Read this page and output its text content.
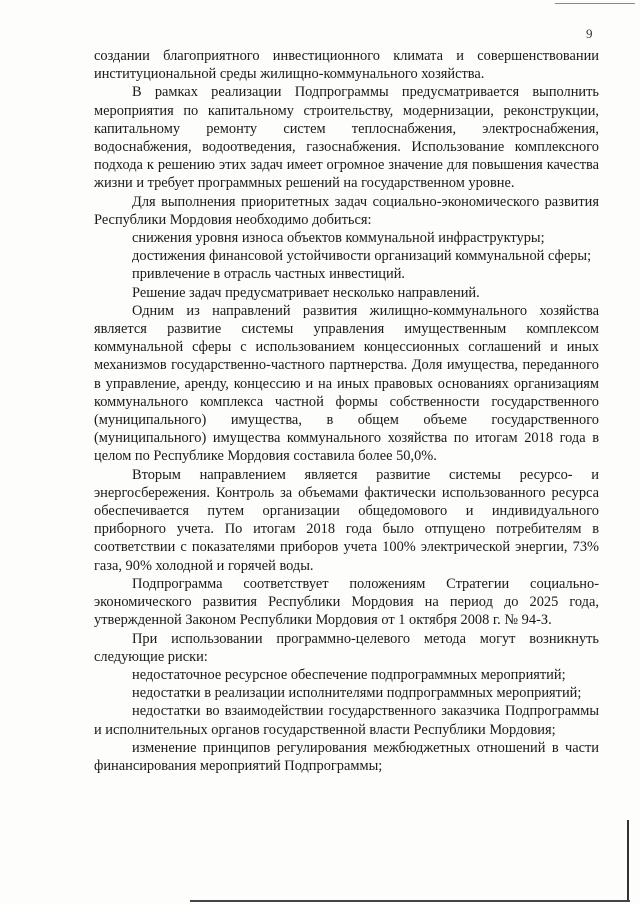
9

создании благоприятного инвестиционного климата и совершенствовании институциональной среды жилищно-коммунального хозяйства.

В рамках реализации Подпрограммы предусматривается выполнить мероприятия по капитальному строительству, модернизации, реконструкции, капитальному ремонту систем теплоснабжения, электроснабжения, водоснабжения, водоотведения, газоснабжения. Использование комплексного подхода к решению этих задач имеет огромное значение для повышения качества жизни и требует программных решений на государственном уровне.

Для выполнения приоритетных задач социально-экономического развития Республики Мордовия необходимо добиться:

снижения уровня износа объектов коммунальной инфраструктуры;

достижения финансовой устойчивости организаций коммунальной сферы;

привлечение в отрасль частных инвестиций.

Решение задач предусматривает несколько направлений.

Одним из направлений развития жилищно-коммунального хозяйства является развитие системы управления имущественным комплексом коммунальной сферы с использованием концессионных соглашений и иных механизмов государственно-частного партнерства. Доля имущества, переданного в управление, аренду, концессию и на иных правовых основаниях организациям коммунального комплекса частной формы собственности государственного (муниципального) имущества, в общем объеме государственного (муниципального) имущества коммунального хозяйства по итогам 2018 года в целом по Республике Мордовия составила более 50,0%.

Вторым направлением является развитие системы ресурсо- и энергосбережения. Контроль за объемами фактически использованного ресурса обеспечивается путем организации общедомового и индивидуального приборного учета. По итогам 2018 года было отпущено потребителям в соответствии с показателями приборов учета 100% электрической энергии, 73% газа, 90% холодной и горячей воды.

Подпрограмма соответствует положениям Стратегии социально-экономического развития Республики Мордовия на период до 2025 года, утвержденной Законом Республики Мордовия от 1 октября 2008 г. № 94-З.

При использовании программно-целевого метода могут возникнуть следующие риски:

недостаточное ресурсное обеспечение подпрограммных мероприятий;

недостатки в реализации исполнителями подпрограммных мероприятий;

недостатки во взаимодействии государственного заказчика Подпрограммы и исполнительных органов государственной власти Республики Мордовия;

изменение принципов регулирования межбюджетных отношений в части финансирования мероприятий Подпрограммы;
